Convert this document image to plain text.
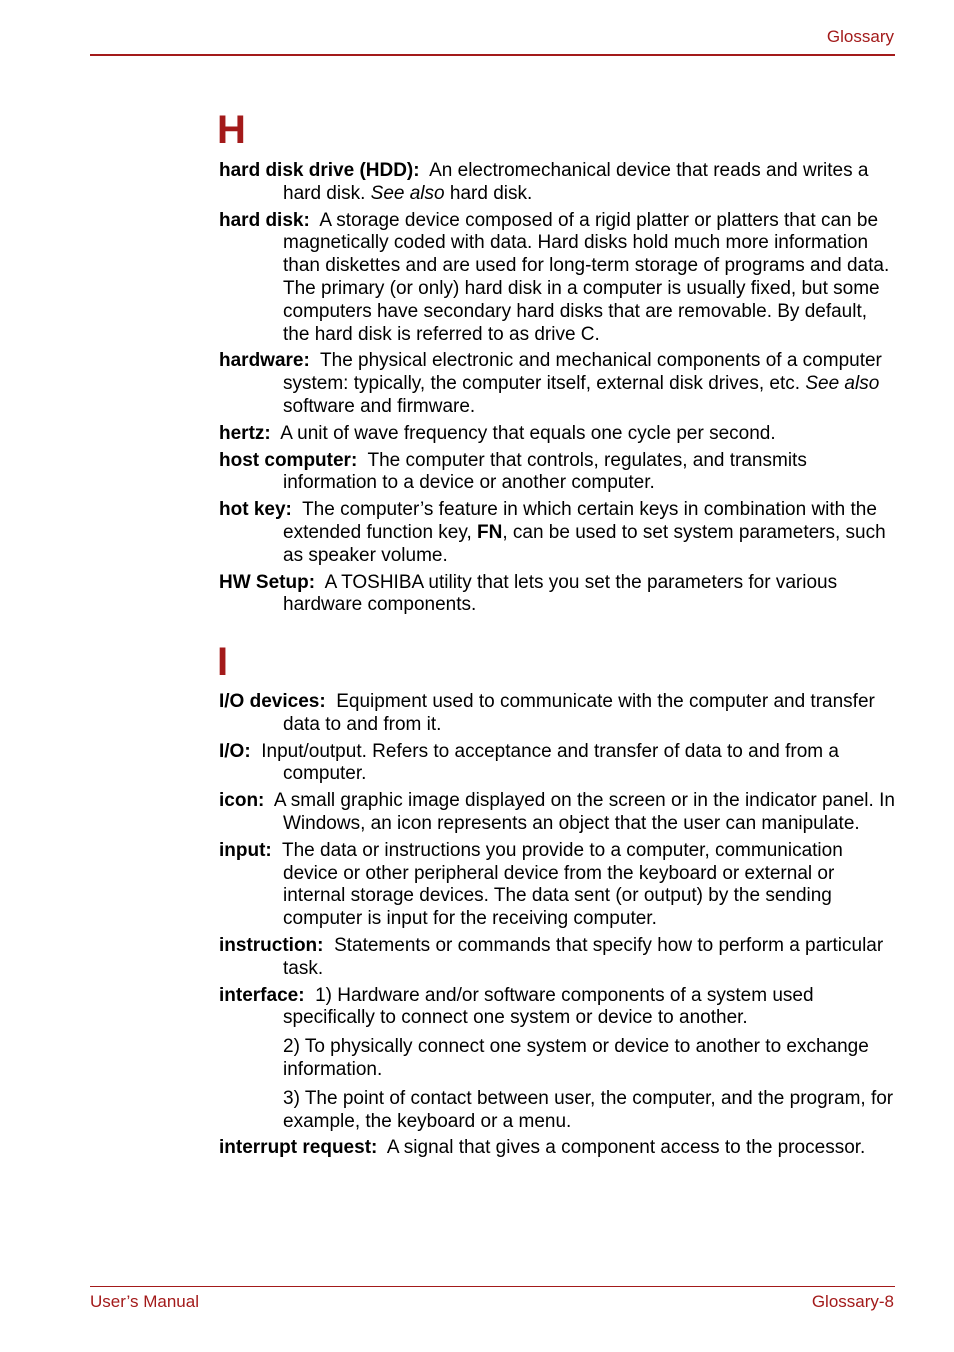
Glossary
H
hard disk drive (HDD): An electromechanical device that reads and writes a hard disk. See also hard disk.
hard disk: A storage device composed of a rigid platter or platters that can be magnetically coded with data. Hard disks hold much more information than diskettes and are used for long-term storage of programs and data. The primary (or only) hard disk in a computer is usually fixed, but some computers have secondary hard disks that are removable. By default, the hard disk is referred to as drive C.
hardware: The physical electronic and mechanical components of a computer system: typically, the computer itself, external disk drives, etc. See also software and firmware.
hertz: A unit of wave frequency that equals one cycle per second.
host computer: The computer that controls, regulates, and transmits information to a device or another computer.
hot key: The computer’s feature in which certain keys in combination with the extended function key, FN, can be used to set system parameters, such as speaker volume.
HW Setup: A TOSHIBA utility that lets you set the parameters for various hardware components.
I
I/O devices: Equipment used to communicate with the computer and transfer data to and from it.
I/O: Input/output. Refers to acceptance and transfer of data to and from a computer.
icon: A small graphic image displayed on the screen or in the indicator panel. In Windows, an icon represents an object that the user can manipulate.
input: The data or instructions you provide to a computer, communication device or other peripheral device from the keyboard or external or internal storage devices. The data sent (or output) by the sending computer is input for the receiving computer.
instruction: Statements or commands that specify how to perform a particular task.
interface: 1) Hardware and/or software components of a system used specifically to connect one system or device to another.
2) To physically connect one system or device to another to exchange information.
3) The point of contact between user, the computer, and the program, for example, the keyboard or a menu.
interrupt request: A signal that gives a component access to the processor.
User’s Manual	Glossary-8
